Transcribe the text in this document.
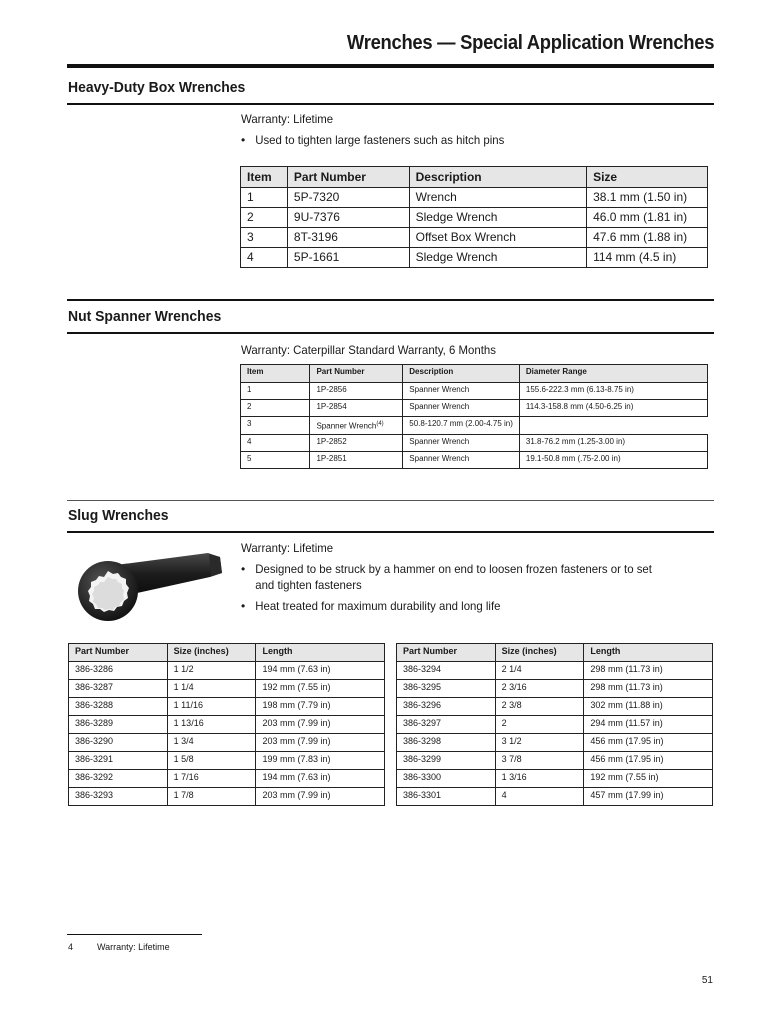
Wrenches — Special Application Wrenches
Heavy-Duty Box Wrenches
Warranty: Lifetime
• Used to tighten large fasteners such as hitch pins
Item	Part Number	Description	Size
1	5P-7320	Wrench	38.1 mm (1.50 in)
2	9U-7376	Sledge Wrench	46.0 mm (1.81 in)
3	8T-3196	Offset Box Wrench	47.6 mm (1.88 in)
4	5P-1661	Sledge Wrench	114 mm (4.5 in)
Nut Spanner Wrenches
Warranty: Caterpillar Standard Warranty, 6 Months
Item	Part Number	Description	Diameter Range
1	1P-2856	Spanner Wrench	155.6-222.3 mm (6.13-8.75 in)
2	1P-2854	Spanner Wrench	114.3-158.8 mm (4.50-6.25 in)
3	Spanner Wrench$^{(4)}$	50.8-120.7 mm (2.00-4.75 in)	
4	1P-2852	Spanner Wrench	31.8-76.2 mm (1.25-3.00 in)
5	1P-2851	Spanner Wrench	19.1-50.8 mm (.75-2.00 in)
Slug Wrenches
Warranty: Lifetime
• Designed to be struck by a hammer on end to loosen frozen fasteners or to set
and tighten fasteners
• Heat treated for maximum durability and long life
Part Number	Size (inches)	Length
386-3286	1 1/2	194 mm (7.63 in)
386-3287	1 1/4	192 mm (7.55 in)
386-3288	1 11/16	198 mm (7.79 in)
386-3289	1 13/16	203 mm (7.99 in)
386-3290	1 3/4	203 mm (7.99 in)
386-3291	1 5/8	199 mm (7.83 in)
386-3292	1 7/16	194 mm (7.63 in)
386-3293	1 7/8	203 mm (7.99 in)
Part Number	Size (inches)	Length
386-3294	2 1/4	298 mm (11.73 in)
386-3295	2 3/16	298 mm (11.73 in)
386-3296	2 3/8	302 mm (11.88 in)
386-3297	2	294 mm (11.57 in)
386-3298	3 1/2	456 mm (17.95 in)
386-3299	3 7/8	456 mm (17.95 in)
386-3300	1 3/16	192 mm (7.55 in)
386-3301	4	457 mm (17.99 in)
4	Warranty: Lifetime
51
